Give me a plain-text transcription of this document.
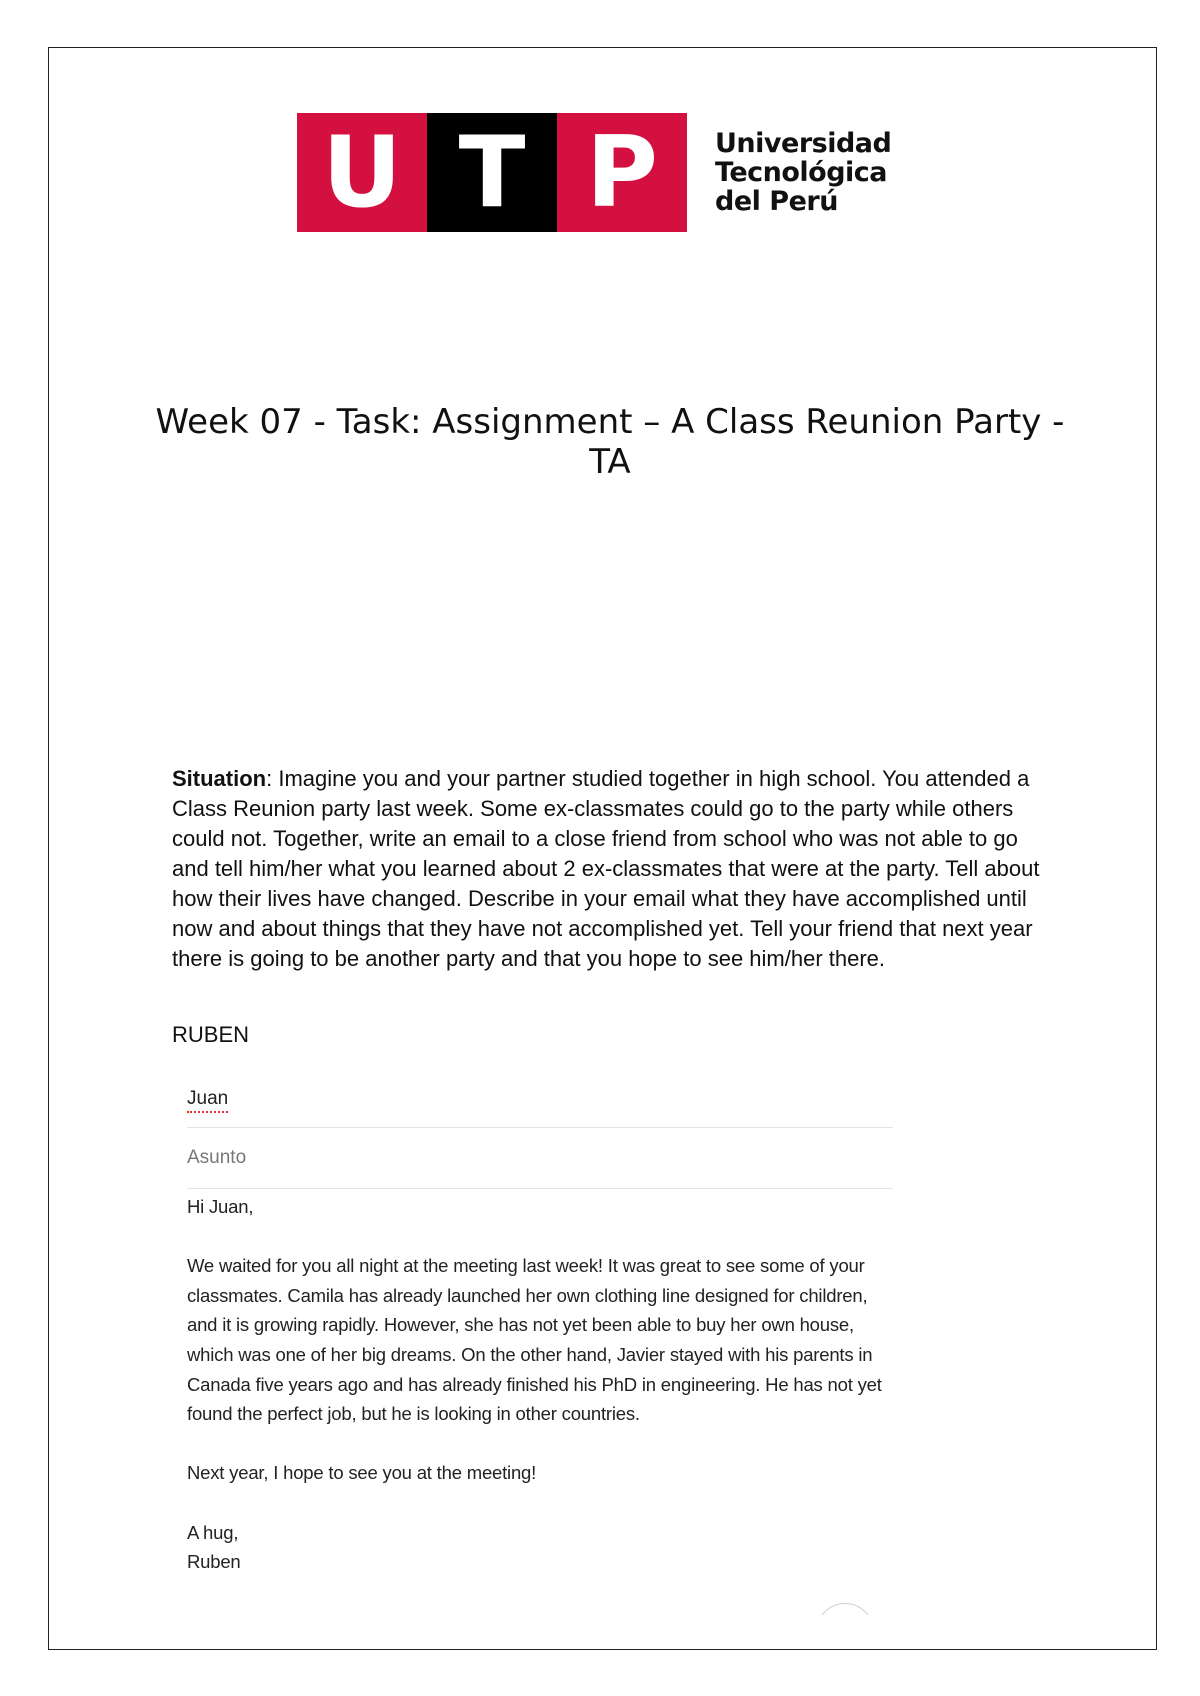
U T P Universidad
Tecnológica
del Perú
Week 07 - Task: Assignment – A Class Reunion Party - TA
Situation: Imagine you and your partner studied together in high school. You attended a Class Reunion party last week. Some ex-classmates could go to the party while others could not. Together, write an email to a close friend from school who was not able to go and tell him/her what you learned about 2 ex-classmates that were at the party. Tell about how their lives have changed. Describe in your email what they have accomplished until now and about things that they have not accomplished yet. Tell your friend that next year there is going to be another party and that you hope to see him/her there.
RUBEN
Juan
Asunto

Hi Juan,

We waited for you all night at the meeting last week! It was great to see some of your classmates. Camila has already launched her own clothing line designed for children, and it is growing rapidly. However, she has not yet been able to buy her own house, which was one of her big dreams. On the other hand, Javier stayed with his parents in Canada five years ago and has already finished his PhD in engineering. He has not yet found the perfect job, but he is looking in other countries.

Next year, I hope to see you at the meeting!

A hug,
Ruben
